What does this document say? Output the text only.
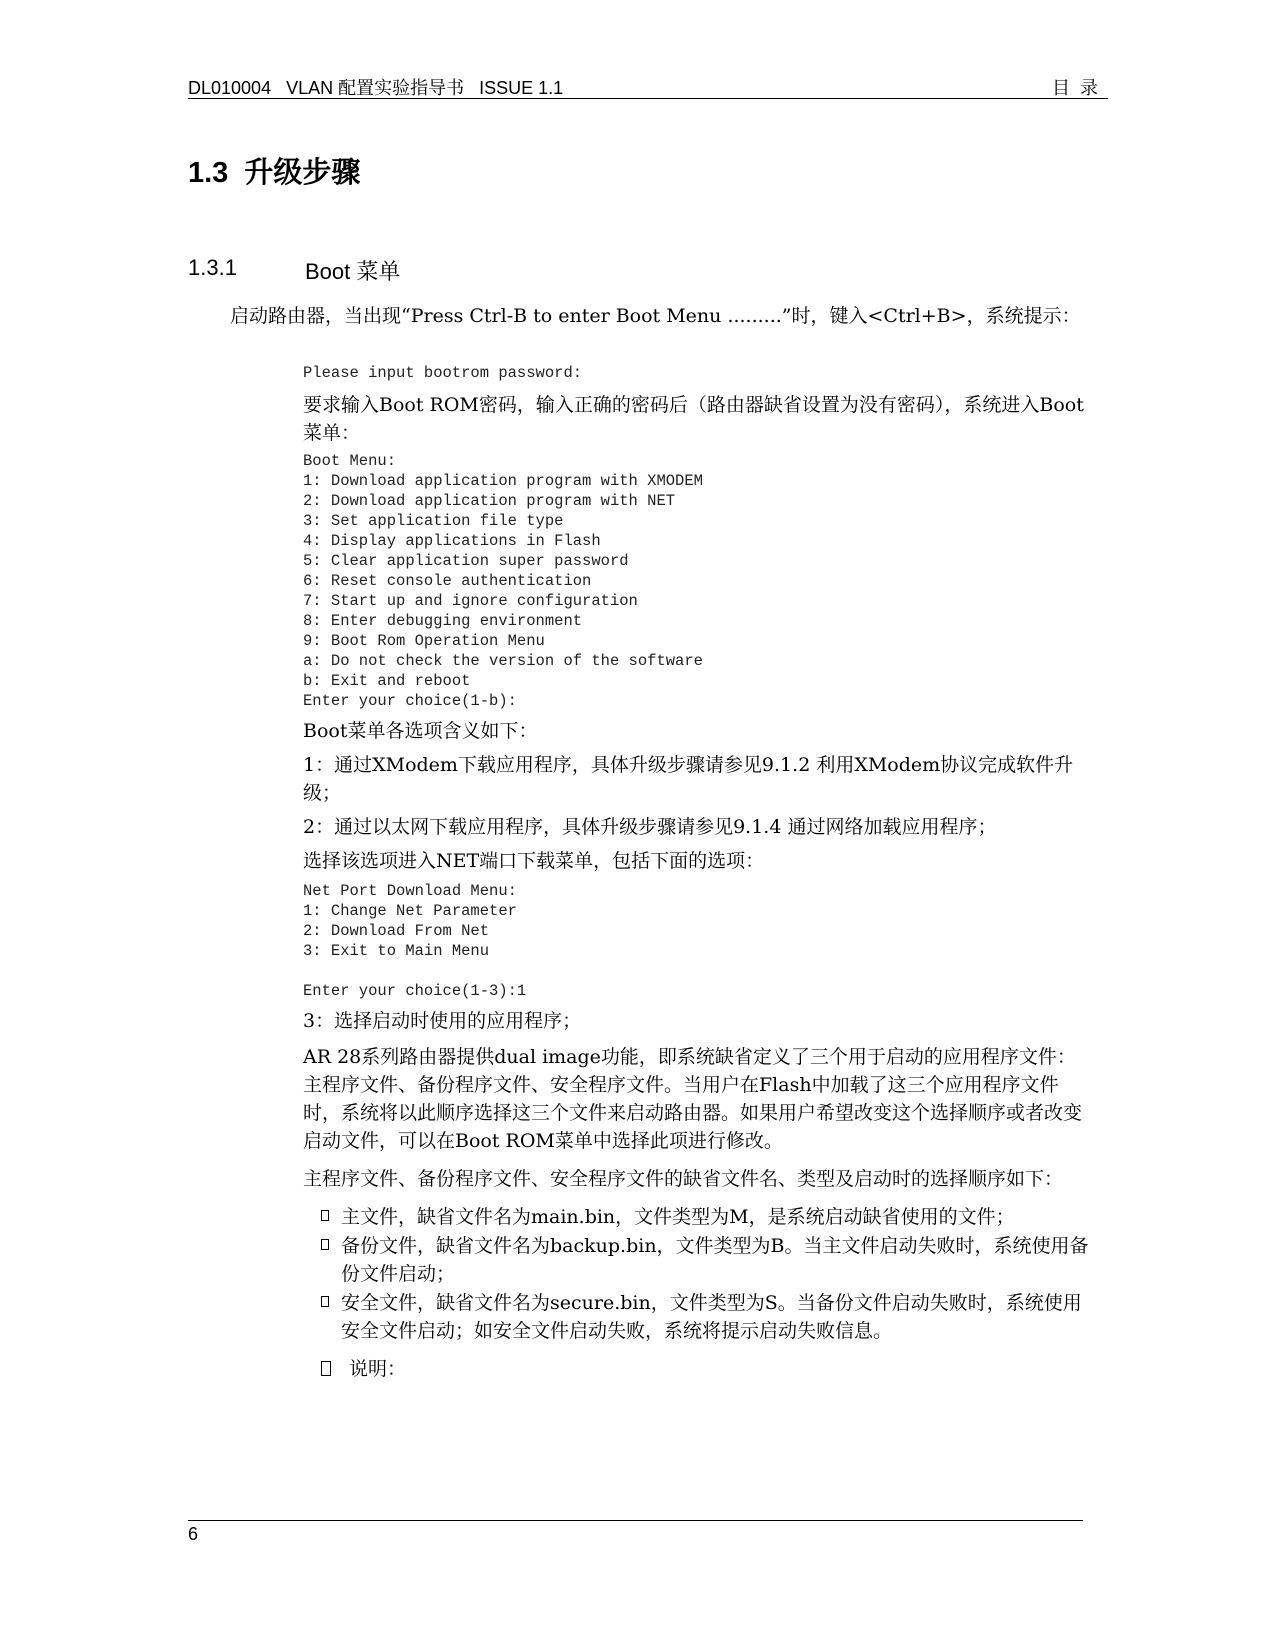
DL010004   VLAN 配置实验指导书   ISSUE 1.1	目录
1.3  升级步骤
1.3.1	Boot 菜单
启动路由器，当出现“Press Ctrl-B to enter Boot Menu .........”时，键入<Ctrl+B>，系统提示：
Please input bootrom password:

要求输入Boot ROM密码，输入正确的密码后（路由器缺省设置为没有密码），系统进入Boot菜单：

Boot Menu:
1: Download application program with XMODEM
2: Download application program with NET
3: Set application file type
4: Display applications in Flash
5: Clear application super password
6: Reset console authentication
7: Start up and ignore configuration
8: Enter debugging environment
9: Boot Rom Operation Menu
a: Do not check the version of the software
b: Exit and reboot
Enter your choice(1-b):

Boot菜单各选项含义如下：

1：通过XModem下载应用程序，具体升级步骤请参见9.1.2 利用XModem协议完成软件升级；

2：通过以太网下载应用程序，具体升级步骤请参见9.1.4 通过网络加载应用程序；

选择该选项进入NET端口下载菜单，包括下面的选项：

Net Port Download Menu:
1: Change Net Parameter
2: Download From Net
3: Exit to Main Menu

Enter your choice(1-3):1

3：选择启动时使用的应用程序；

AR 28系列路由器提供dual image功能，即系统缺省定义了三个用于启动的应用程序文件：主程序文件、备份程序文件、安全程序文件。当用户在Flash中加载了这三个应用程序文件时，系统将以此顺序选择这三个文件来启动路由器。如果用户希望改变这个选择顺序或者改变启动文件，可以在Boot ROM菜单中选择此项进行修改。

主程序文件、备份程序文件、安全程序文件的缺省文件名、类型及启动时的选择顺序如下：

主文件，缺省文件名为main.bin，文件类型为M，是系统启动缺省使用的文件；
备份文件，缺省文件名为backup.bin，文件类型为B。当主文件启动失败时，系统使用备份文件启动；
安全文件，缺省文件名为secure.bin，文件类型为S。当备份文件启动失败时，系统使用安全文件启动；如安全文件启动失败，系统将提示启动失败信息。
说明：
6
